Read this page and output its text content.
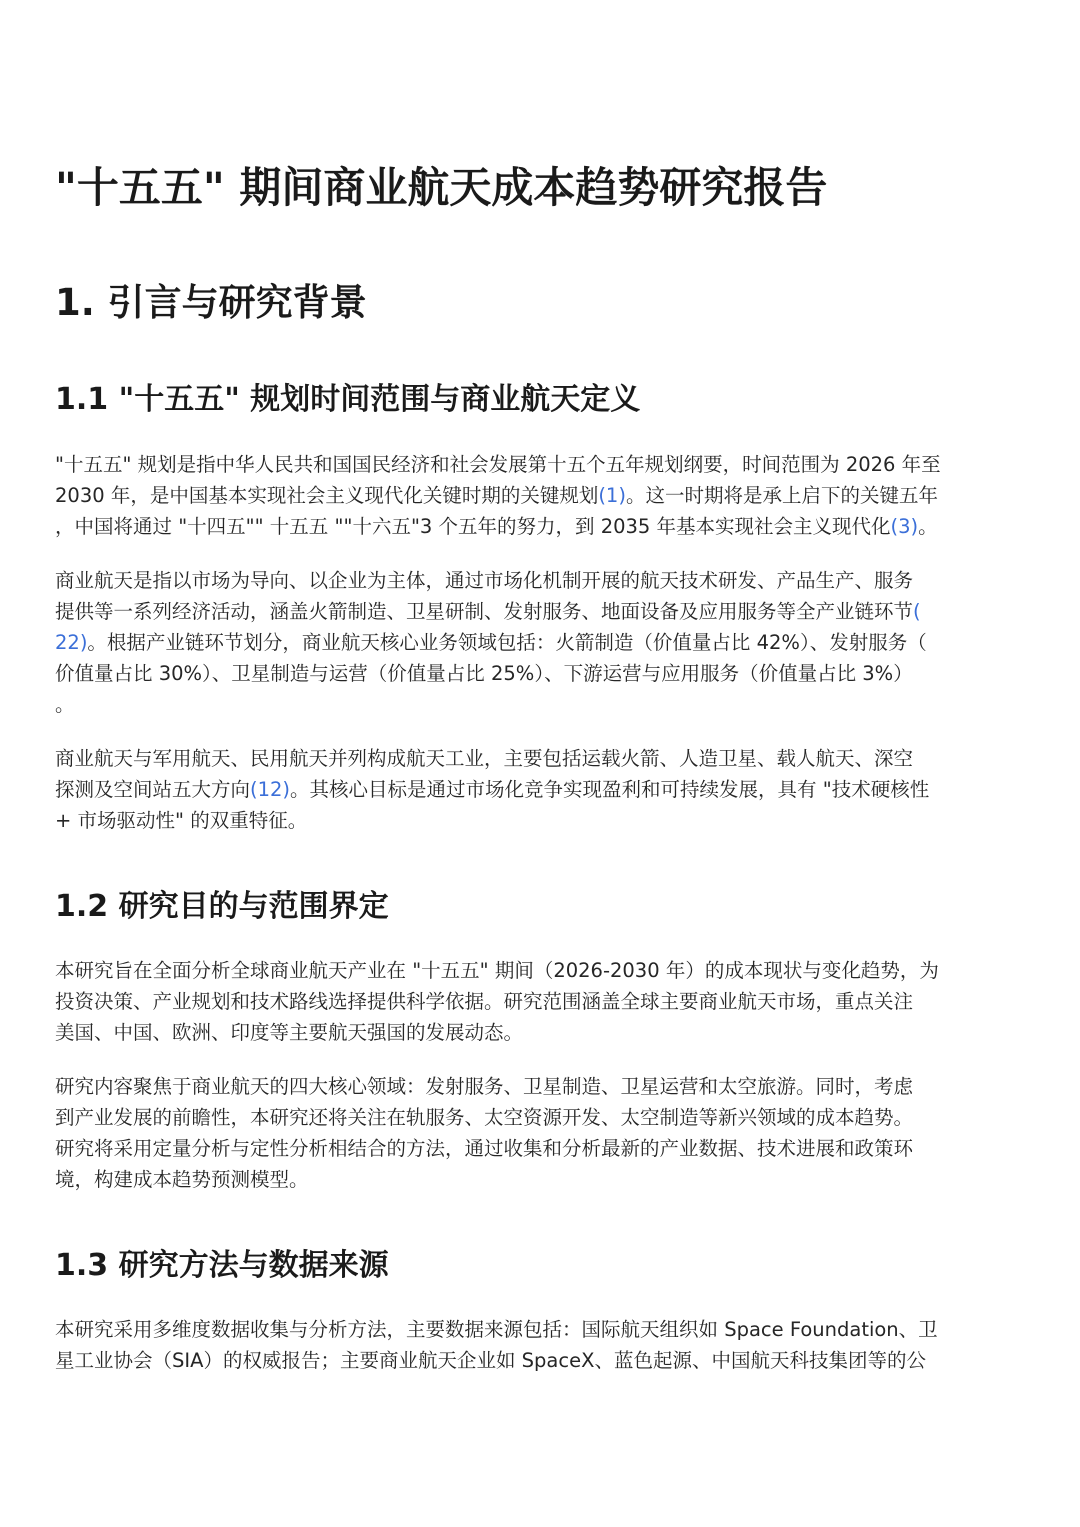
"十五五" 期间商业航天成本趋势研究报告
1. 引言与研究背景
1.1 "十五五" 规划时间范围与商业航天定义

"十五五" 规划是指中华人民共和国国民经济和社会发展第十五个五年规划纲要，时间范围为 2026 年至
2030 年，是中国基本实现社会主义现代化关键时期的关键规划(1)。这一时期将是承上启下的关键五年
，中国将通过 "十四五"" 十五五 ""十六五"3 个五年的努力，到 2035 年基本实现社会主义现代化(3)。

商业航天是指以市场为导向、以企业为主体，通过市场化机制开展的航天技术研发、产品生产、服务
提供等一系列经济活动，涵盖火箭制造、卫星研制、发射服务、地面设备及应用服务等全产业链环节(
22)。根据产业链环节划分，商业航天核心业务领域包括：火箭制造（价值量占比 42%）、发射服务（
价值量占比 30%）、卫星制造与运营（价值量占比 25%）、下游运营与应用服务（价值量占比 3%）
。

商业航天与军用航天、民用航天并列构成航天工业，主要包括运载火箭、人造卫星、载人航天、深空
探测及空间站五大方向(12)。其核心目标是通过市场化竞争实现盈利和可持续发展，具有 "技术硬核性
+ 市场驱动性" 的双重特征。

1.2 研究目的与范围界定

本研究旨在全面分析全球商业航天产业在 "十五五" 期间（2026-2030 年）的成本现状与变化趋势，为
投资决策、产业规划和技术路线选择提供科学依据。研究范围涵盖全球主要商业航天市场，重点关注
美国、中国、欧洲、印度等主要航天强国的发展动态。

研究内容聚焦于商业航天的四大核心领域：发射服务、卫星制造、卫星运营和太空旅游。同时，考虑
到产业发展的前瞻性，本研究还将关注在轨服务、太空资源开发、太空制造等新兴领域的成本趋势。
研究将采用定量分析与定性分析相结合的方法，通过收集和分析最新的产业数据、技术进展和政策环
境，构建成本趋势预测模型。

1.3 研究方法与数据来源

本研究采用多维度数据收集与分析方法，主要数据来源包括：国际航天组织如 Space Foundation、卫
星工业协会（SIA）的权威报告；主要商业航天企业如 SpaceX、蓝色起源、中国航天科技集团等的公
